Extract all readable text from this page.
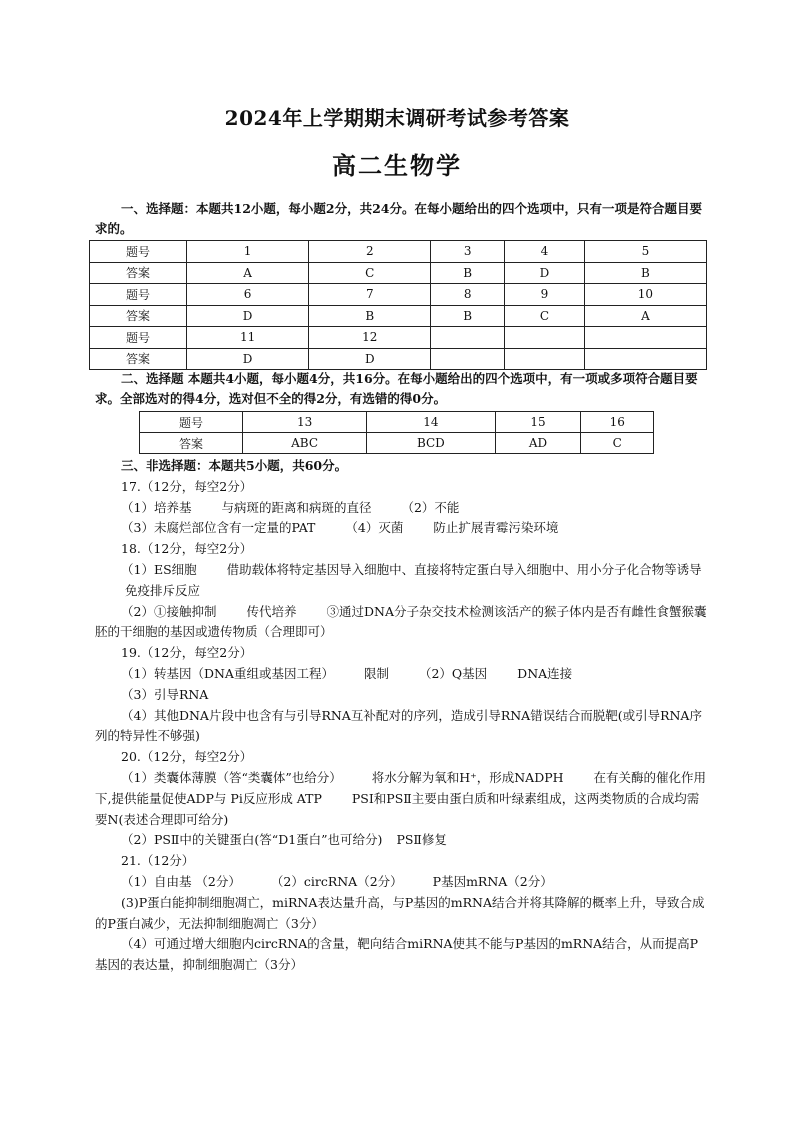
2024年上学期期末调研考试参考答案
高二生物学
一、选择题：本题共12小题，每小题2分，共24分。在每小题给出的四个选项中，只有一项是符合题目要求的。
题号	1	2	3	4	5
答案	A	C	B	D	B
题号	6	7	8	9	10
答案	D	B	B	C	A
题号	11	12			
答案	D	D			
二、选择题 本题共4小题，每小题4分，共16分。在每小题给出的四个选项中，有一项或多项符合题目要求。全部选对的得4分，选对但不全的得2分，有选错的得0分。
题号	13	14	15	16
答案	ABC	BCD	AD	C

三、非选择题：本题共5小题，共60分。

17.（12分，每空2分）

（1）培养基 与病斑的距离和病斑的直径 （2）不能

（3）未腐烂部位含有一定量的PAT （4）灭菌 防止扩展青霉污染环境

18.（12分，每空2分）

（1）ES细胞 借助载体将特定基因导入细胞中、直接将特定蛋白导入细胞中、用小分子化合物等诱导免疫排斥反应

（2）①接触抑制 传代培养 ③通过DNA分子杂交技术检测该活产的猴子体内是否有雌性食蟹猴囊胚的干细胞的基因或遗传物质（合理即可）

19.（12分，每空2分）

（1）转基因（DNA重组或基因工程） 限制 （2）Q基因 DNA连接

（3）引导RNA

（4）其他DNA片段中也含有与引导RNA互补配对的序列，造成引导RNA错误结合而脱靶(或引导RNA序列的特异性不够强)

20.（12分，每空2分）

（1）类囊体薄膜（答“类囊体”也给分） 将水分解为氧和H⁺，形成NADPH 在有关酶的催化作用下,提供能量促使ADP与 Pi反应形成 ATP PSⅠ和PSⅡ主要由蛋白质和叶绿素组成，这两类物质的合成均需要N(表述合理即可给分)

（2）PSⅡ中的关键蛋白(答“D1蛋白”也可给分) PSⅡ修复

21.（12分）

（1）自由基 （2分） （2）circRNA（2分） P基因mRNA（2分）

(3)P蛋白能抑制细胞凋亡，miRNA表达量升高，与P基因的mRNA结合并将其降解的概率上升，导致合成的P蛋白减少，无法抑制细胞凋亡（3分）

（4）可通过增大细胞内circRNA的含量，靶向结合miRNA使其不能与P基因的mRNA结合，从而提高P基因的表达量，抑制细胞凋亡（3分）
